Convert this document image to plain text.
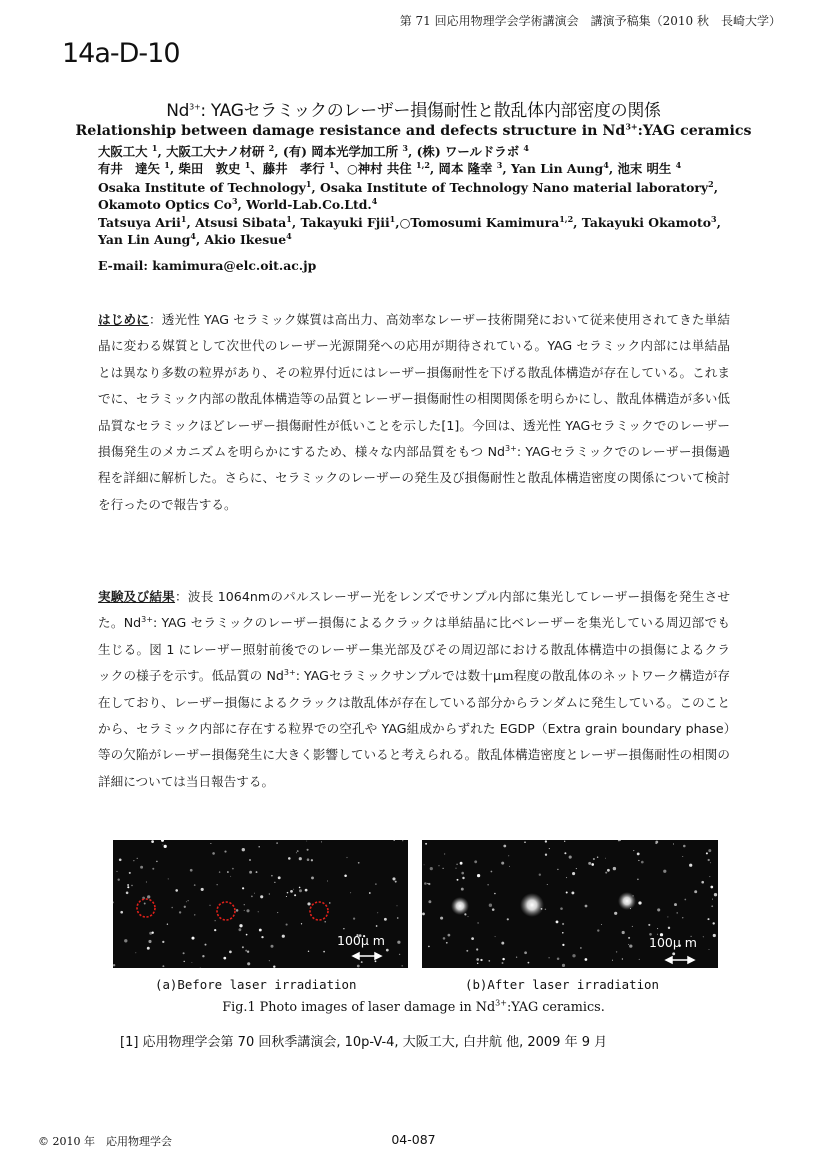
第 71 回応用物理学会学術講演会　講演予稿集（2010 秋　長崎大学）
14a-D-10
$Nd^{3+}$: YAGセラミックのレーザー損傷耐性と散乱体内部密度の関係
Relationship between damage resistance and defects structure in $Nd^{3+}:YAG$ ceramics
大阪工大 $^1$, 大阪工大ナノ材研 $^2$, (有) 岡本光学加工所 $^3$, (株) ワールドラボ $^4$
有井　達矢 $^1$, 柴田　敦史 $^1$、藤井　孝行 $^1$、○神村 共住 $^{1,2}$, 岡本 隆幸 $^3$, Yan Lin Aung$^4$, 池末 明生 $^4$
Osaka Institute of Technology$^1$, Osaka Institute of Technology Nano material laboratory$^2$, Okamoto Optics Co$^3$, World-Lab.Co.Ltd.$^4$
Tatsuya Arii$^1$, Atsusi Sibata$^1$, Takayuki Fjii$^1$,○Tomosumi Kamimura$^{1,2}$, Takayuki Okamoto$^3$, Yan Lin Aung$^4$, Akio Ikesue$^4$
E-mail: kamimura@elc.oit.ac.jp
はじめに：透光性 YAG セラミック媒質は高出力、高効率なレーザー技術開発において従来使用されてきた単結晶に変わる媒質として次世代のレーザー光源開発への応用が期待されている。YAG セラミック内部には単結晶とは異なり多数の粒界があり、その粒界付近にはレーザー損傷耐性を下げる散乱体構造が存在している。これまでに、セラミック内部の散乱体構造等の品質とレーザー損傷耐性の相関関係を明らかにし、散乱体構造が多い低品質なセラミックほどレーザー損傷耐性が低いことを示した[1]。今回は、透光性 YAGセラミックでのレーザー損傷発生のメカニズムを明らかにするため、様々な内部品質をもつ $Nd^{3+}$: YAGセラミックでのレーザー損傷過程を詳細に解析した。さらに、セラミックのレーザーの発生及び損傷耐性と散乱体構造密度の関係について検討を行ったので報告する。
実験及び結果：波長 1064nmのパルスレーザー光をレンズでサンプル内部に集光してレーザー損傷を発生させた。$Nd^{3+}$: YAG セラミックのレーザー損傷によるクラックは単結晶に比ベレーザーを集光している周辺部でも生じる。図 1 にレーザー照射前後でのレーザー集光部及びその周辺部における散乱体構造中の損傷によるクラックの様子を示す。低品質の $Nd^{3+}$: YAGセラミックサンプルでは数十μｍ程度の散乱体のネットワーク構造が存在しており、レーザー損傷によるクラックは散乱体が存在している部分からランダムに発生している。このことから、セラミック内部に存在する粒界での空孔や YAG組成からずれた EGDP（Extra grain boundary phase）等の欠陥がレーザー損傷発生に大きく影響していると考えられる。散乱体構造密度とレーザー損傷耐性の相関の詳細については当日報告する。
100μ m	100μ m
(a)Before laser irradiation	(b)After laser irradiation
Fig.1 Photo images of laser damage in $Nd^{3+}:YAG$ ceramics.
[1] 応用物理学会第 70 回秋季講演会, 10p-V-4, 大阪工大, 白井航 他, 2009 年 9 月
© 2010 年　応用物理学会	04-087
